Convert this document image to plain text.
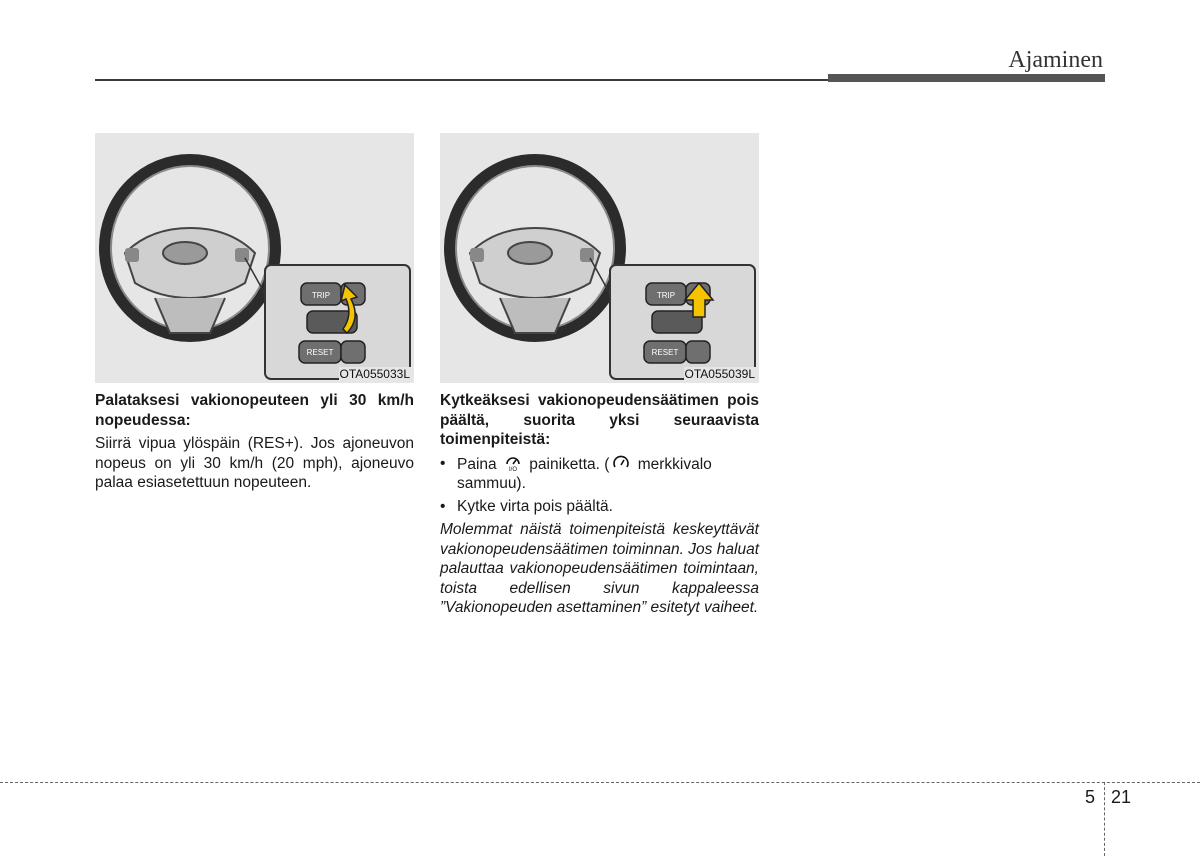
Ajaminen
TRIP
RESET
OTA055033L
TRIP
RESET
OTA055039L

Palataksesi vakionopeuteen yli 30 km/h nopeudessa:

Siirrä vipua ylöspäin (RES+). Jos ajoneuvon nopeus on yli 30 km/h (20 mph), ajoneuvo palaa esiasetettuun nopeuteen.

Kytkeäksesi vakionopeudensäätimen pois päältä, suorita yksi seuraavista toimenpiteistä:

• Paina I/O painiketta. ( merkkivalo sammuu).
• Kytke virta pois päältä.

Molemmat näistä toimenpiteistä keskeyttävät vakionopeudensäätimen toiminnan. Jos haluat palauttaa vakionopeudensäätimen toimintaan, toista edellisen sivun kappaleessa ”Vakionopeuden asettaminen” esitetyt vaiheet.

5 21
